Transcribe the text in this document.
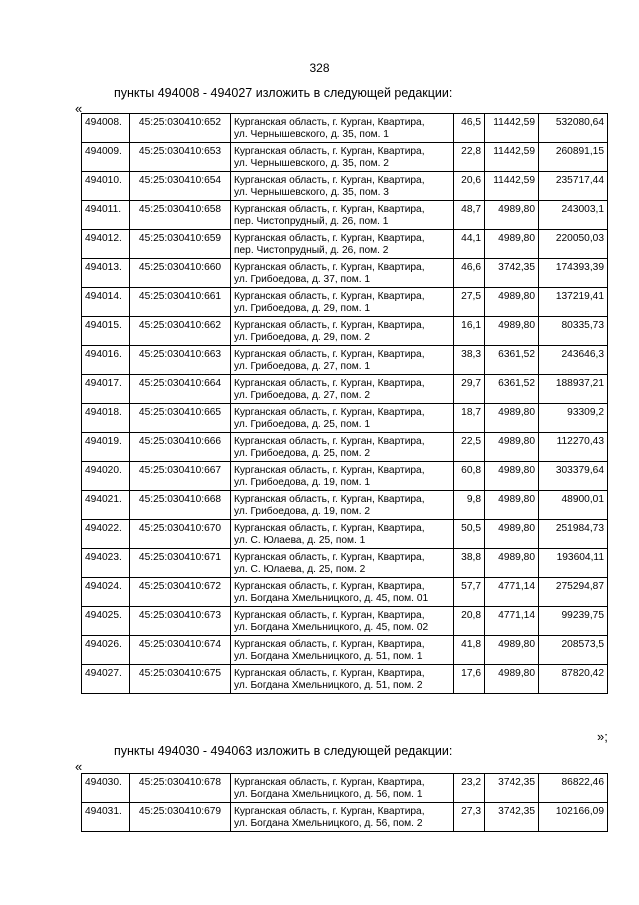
328
пункты 494008 - 494027 изложить в следующей редакции:
«
494008.	45:25:030410:652	Курганская область, г. Курган, Квартира,
ул. Чернышевского, д. 35, пом. 1	46,5	11442,59	532080,64
494009.	45:25:030410:653	Курганская область, г. Курган, Квартира,
ул. Чернышевского, д. 35, пом. 2	22,8	11442,59	260891,15
494010.	45:25:030410:654	Курганская область, г. Курган, Квартира,
ул. Чернышевского, д. 35, пом. 3	20,6	11442,59	235717,44
494011.	45:25:030410:658	Курганская область, г. Курган, Квартира,
пер. Чистопрудный, д. 26, пом. 1	48,7	4989,80	243003,1
494012.	45:25:030410:659	Курганская область, г. Курган, Квартира,
пер. Чистопрудный, д. 26, пом. 2	44,1	4989,80	220050,03
494013.	45:25:030410:660	Курганская область, г. Курган, Квартира,
ул. Грибоедова, д. 37, пом. 1	46,6	3742,35	174393,39
494014.	45:25:030410:661	Курганская область, г. Курган, Квартира,
ул. Грибоедова, д. 29, пом. 1	27,5	4989,80	137219,41
494015.	45:25:030410:662	Курганская область, г. Курган, Квартира,
ул. Грибоедова, д. 29, пом. 2	16,1	4989,80	80335,73
494016.	45:25:030410:663	Курганская область, г. Курган, Квартира,
ул. Грибоедова, д. 27, пом. 1	38,3	6361,52	243646,3
494017.	45:25:030410:664	Курганская область, г. Курган, Квартира,
ул. Грибоедова, д. 27, пом. 2	29,7	6361,52	188937,21
494018.	45:25:030410:665	Курганская область, г. Курган, Квартира,
ул. Грибоедова, д. 25, пом. 1	18,7	4989,80	93309,2
494019.	45:25:030410:666	Курганская область, г. Курган, Квартира,
ул. Грибоедова, д. 25, пом. 2	22,5	4989,80	112270,43
494020.	45:25:030410:667	Курганская область, г. Курган, Квартира,
ул. Грибоедова, д. 19, пом. 1	60,8	4989,80	303379,64
494021.	45:25:030410:668	Курганская область, г. Курган, Квартира,
ул. Грибоедова, д. 19, пом. 2	9,8	4989,80	48900,01
494022.	45:25:030410:670	Курганская область, г. Курган, Квартира,
ул. С. Юлаева, д. 25, пом. 1	50,5	4989,80	251984,73
494023.	45:25:030410:671	Курганская область, г. Курган, Квартира,
ул. С. Юлаева, д. 25, пом. 2	38,8	4989,80	193604,11
494024.	45:25:030410:672	Курганская область, г. Курган, Квартира,
ул. Богдана Хмельницкого, д. 45, пом. 01	57,7	4771,14	275294,87
494025.	45:25:030410:673	Курганская область, г. Курган, Квартира,
ул. Богдана Хмельницкого, д. 45, пом. 02	20,8	4771,14	99239,75
494026.	45:25:030410:674	Курганская область, г. Курган, Квартира,
ул. Богдана Хмельницкого, д. 51, пом. 1	41,8	4989,80	208573,5
494027.	45:25:030410:675	Курганская область, г. Курган, Квартира,
ул. Богдана Хмельницкого, д. 51, пом. 2	17,6	4989,80	87820,42
»;
пункты 494030 - 494063 изложить в следующей редакции:
«
494030.	45:25:030410:678	Курганская область, г. Курган, Квартира,
ул. Богдана Хмельницкого, д. 56, пом. 1	23,2	3742,35	86822,46
494031.	45:25:030410:679	Курганская область, г. Курган, Квартира,
ул. Богдана Хмельницкого, д. 56, пом. 2	27,3	3742,35	102166,09
